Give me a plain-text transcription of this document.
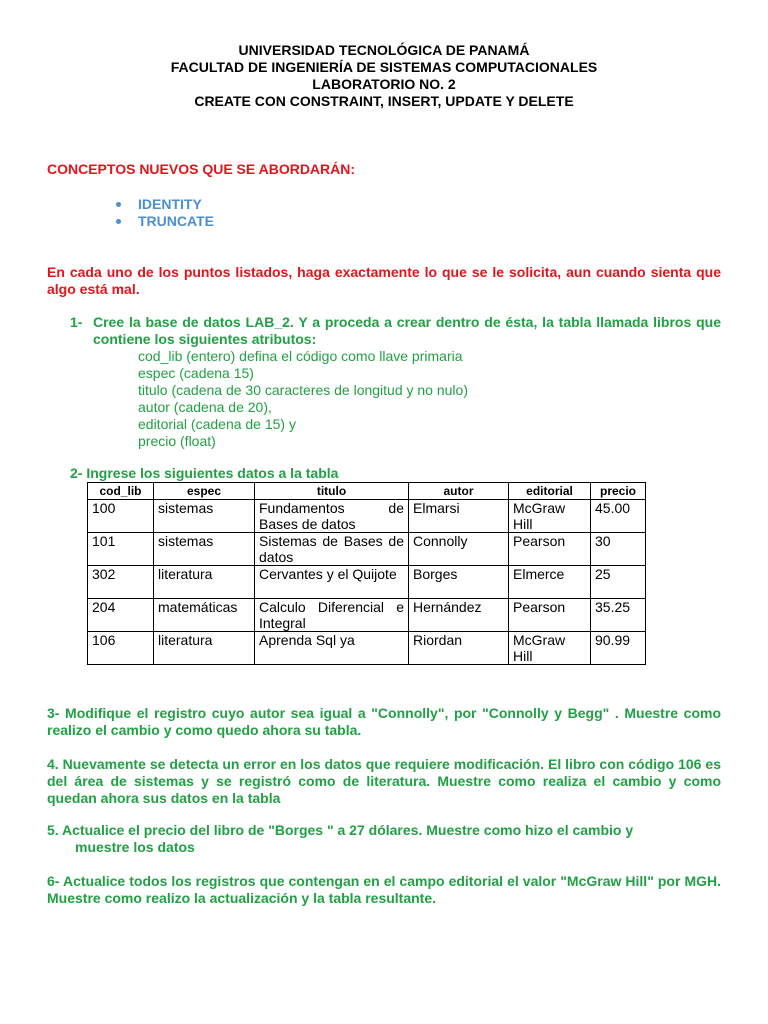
UNIVERSIDAD TECNOLÓGICA DE PANAMÁ
FACULTAD DE INGENIERÍA DE SISTEMAS COMPUTACIONALES
LABORATORIO NO. 2
CREATE CON CONSTRAINT, INSERT, UPDATE Y DELETE
CONCEPTOS NUEVOS QUE SE ABORDARÁN:
IDENTITY
TRUNCATE
En cada uno de los puntos listados, haga exactamente lo que se le solicita, aun cuando sienta que algo está mal.
1- Cree la base de datos LAB_2. Y a proceda a crear dentro de ésta, la tabla llamada libros que contiene los siguientes atributos:
cod_lib (entero) defina el código como llave primaria
espec (cadena 15)
titulo (cadena de 30 caracteres de longitud y no nulo)
autor (cadena de 20),
editorial (cadena de 15) y
precio (float)
2- Ingrese los siguientes datos a la tabla
cod_lib	espec	titulo	autor	editorial	precio
100	sistemas	Fundamentos de Bases de datos	Elmarsi	McGraw Hill	45.00
101	sistemas	Sistemas de Bases de datos	Connolly	Pearson	30
302	literatura	Cervantes y el Quijote	Borges	Elmerce	25
204	matemáticas	Calculo Diferencial e Integral	Hernández	Pearson	35.25
106	literatura	Aprenda Sql ya	Riordan	McGraw Hill	90.99
3- Modifique el registro cuyo autor sea igual a "Connolly", por "Connolly y Begg" . Muestre como realizo el cambio y como quedo ahora su tabla.
4. Nuevamente se detecta un error en los datos que requiere modificación. El libro con código 106 es del área de sistemas y se registró como de literatura. Muestre como realiza el cambio y como quedan ahora sus datos en la tabla
5. Actualice el precio del libro de "Borges " a 27 dólares. Muestre como hizo el cambio y
muestre los datos
6- Actualice todos los registros que contengan en el campo editorial el valor "McGraw Hill" por MGH. Muestre como realizo la actualización y la tabla resultante.
